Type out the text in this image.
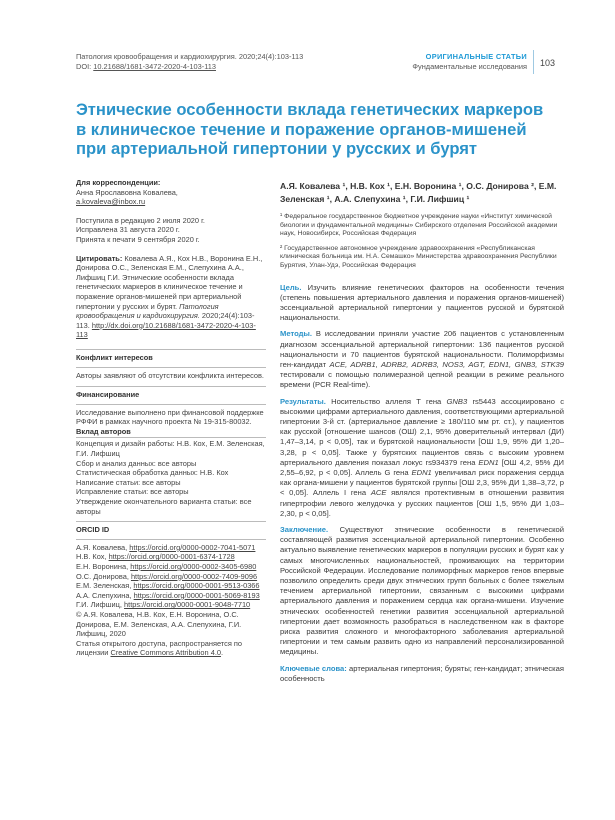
Патология кровообращения и кардиохирургия. 2020;24(4):103-113
DOI: 10.21688/1681-3472-2020-4-103-113
ОРИГИНАЛЬНЫЕ СТАТЬИ
Фундаментальные исследования 103
Этнические особенности вклада генетических маркеров в клиническое течение и поражение органов-мишеней при артериальной гипертонии у русских и бурят

Для корреспонденции:

Анна Ярославовна Ковалева,

a.kovaleva@inbox.ru

Поступила в редакцию 2 июля 2020 г.

Исправлена 31 августа 2020 г.

Принята к печати 9 сентября 2020 г.

Цитировать: Ковалева А.Я., Кох Н.В., Воронина Е.Н., Донирова О.С., Зеленская Е.М., Слепухина А.А., Лифшиц Г.И. Этнические особенности вклада генетических маркеров в клиническое течение и поражение органов-мишеней при артериальной гипертонии у русских и бурят. Патология кровообращения и кардиохирургия. 2020;24(4):103-113. http://dx.doi.org/10.21688/1681-3472-2020-4-103-113

Конфликт интересов

Авторы заявляют об отсутствии конфликта интересов.

Финансирование

Исследование выполнено при финансовой поддержке РФФИ в рамках научного проекта № 19-315-80032.

Вклад авторов

Концепция и дизайн работы: Н.В. Кох, Е.М. Зеленская, Г.И. Лифшиц

Сбор и анализ данных: все авторы

Статистическая обработка данных: Н.В. Кох

Написание статьи: все авторы

Исправление статьи: все авторы

Утверждение окончательного варианта статьи: все авторы

ORCID ID

А.Я. Ковалева, https://orcid.org/0000-0002-7041-5071

Н.В. Кох, https://orcid.org/0000-0001-6374-1728

Е.Н. Воронина, https://orcid.org/0000-0002-3405-6980

О.С. Донирова, https://orcid.org/0000-0002-7409-9096

Е.М. Зеленская, https://orcid.org/0000-0001-9513-0366

А.А. Слепухина, https://orcid.org/0000-0001-5069-8193

Г.И. Лифшиц, https://orcid.org/0000-0001-9048-7710

© А.Я. Ковалева, Н.В. Кох, Е.Н. Воронина, О.С. Донирова, Е.М. Зеленская, А.А. Слепухина, Г.И. Лифшиц, 2020

Статья открытого доступа, распространяется по лицензии Creative Commons Attribution 4.0.

А.Я. Ковалева ¹, Н.В. Кох ¹, Е.Н. Воронина ¹, О.С. Донирова ², Е.М. Зеленская ¹, А.А. Слепухина ¹, Г.И. Лифшиц ¹

¹ Федеральное государственное бюджетное учреждение науки «Институт химической биологии и фундаментальной медицины» Сибирского отделения Российской академии наук, Новосибирск, Российская Федерация

² Государственное автономное учреждение здравоохранения «Республиканская клиническая больница им. Н.А. Семашко» Министерства здравоохранения Республики Бурятия, Улан-Удэ, Российская Федерация

Цель. Изучить влияние генетических факторов на особенности течения (степень повышения артериального давления и поражения органов-мишеней) эссенциальной артериальной гипертонии у пациентов русской и бурятской национальности.

Методы. В исследовании приняли участие 206 пациентов с установленным диагнозом эссенциальной артериальной гипертонии: 136 пациентов русской национальности и 70 пациентов бурятской национальности. Полиморфизмы ген-кандидат ACE, ADRB1, ADRB2, ADRB3, NOS3, AGT, EDN1, GNB3, STK39 тестировали с помощью полимеразной цепной реакции в режиме реального времени (PCR Real-time).

Результаты. Носительство аллеля T гена GNB3 rs5443 ассоциировано с высокими цифрами артериального давления, соответствующими артериальной гипертонии 3-й ст. (артериальное давление ≥ 180/110 мм рт. ст.), у пациентов как русской [отношение шансов (ОШ) 2,1, 95% доверительный интервал (ДИ) 1,47–3,14, p < 0,05], так и бурятской национальности [ОШ 1,9, 95% ДИ 1,20–3,28, p < 0,05]. Также у бурятских пациентов связь с высоким уровнем артериального давления показал локус rs934379 гена EDN1 [ОШ 4,2, 95% ДИ 2,55–6,92, p < 0,05]. Аллель G гена EDN1 увеличивал риск поражения сердца как органа-мишени у пациентов бурятской группы [ОШ 2,3, 95% ДИ 1,38–3,72, p < 0,05]. Аллель I гена ACE являлся протективным в отношении развития гипертрофии левого желудочка у русских пациентов [ОШ 1,5, 95% ДИ 1,03–2,30, p < 0,05].

Заключение. Существуют этнические особенности в генетической составляющей развития эссенциальной артериальной гипертонии. Особенно актуально выявление генетических маркеров в популяции русских и бурят как у самых многочисленных национальностей, проживающих на территории Российской Федерации. Исследование полиморфных маркеров генов впервые позволило определить среди двух этнических групп больных с более тяжелым течением артериальной гипертонии, связанным с высокими цифрами артериального давления и поражением сердца как органа-мишени. Изучение этнических особенностей генетики развития эссенциальной артериальной гипертонии дает возможность разобраться в наследственном как в факторе риска развития сложного и многофакторного заболевания артериальной гипертонии и тем самым развить одно из направлений персонализированной медицины.

Ключевые слова: артериальная гипертония; буряты; ген-кандидат; этническая особенность
